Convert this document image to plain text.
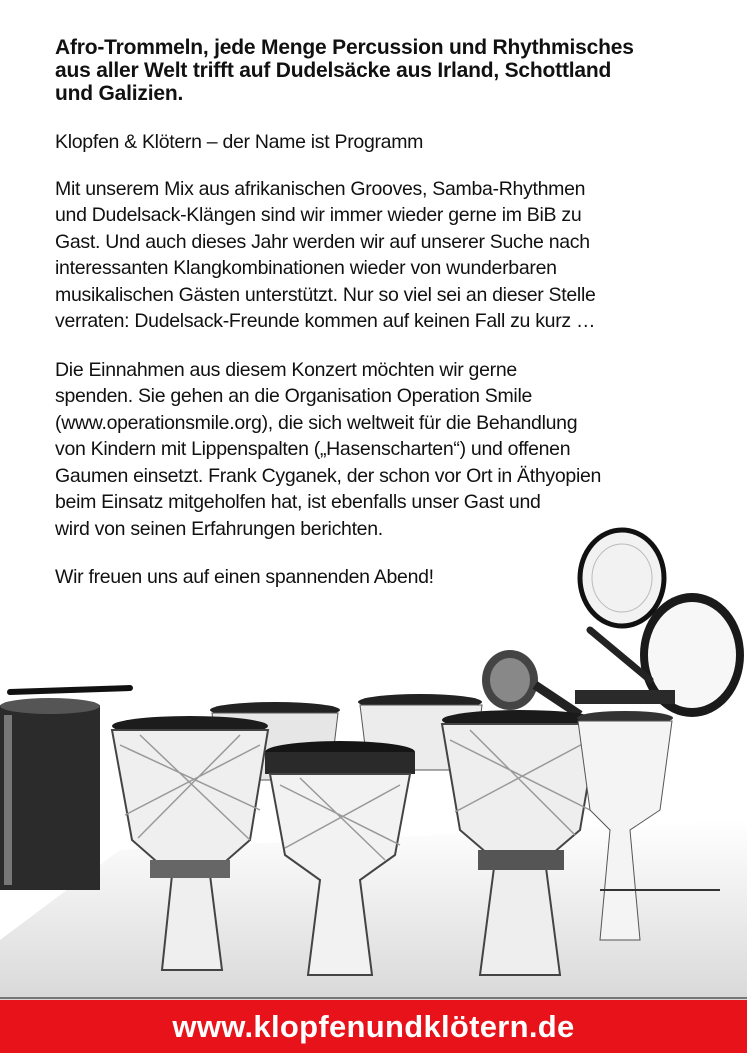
Afro-Trommeln, jede Menge Percussion und Rhythmisches
aus aller Welt trifft auf Dudelsäcke aus Irland, Schottland
und Galizien.

Klopfen & Klötern – der Name ist Programm

Mit unserem Mix aus afrikanischen Grooves, Samba-Rhythmen
und Dudelsack-Klängen sind wir immer wieder gerne im BiB zu
Gast. Und auch dieses Jahr werden wir auf unserer Suche nach
interessanten Klangkombinationen wieder von wunderbaren
musikalischen Gästen unterstützt. Nur so viel sei an dieser Stelle
verraten: Dudelsack-Freunde kommen auf keinen Fall zu kurz …
Die Einnahmen aus diesem Konzert möchten wir gerne
spenden. Sie gehen an die Organisation Operation Smile
(www.operationsmile.org), die sich weltweit für die Behandlung
von Kindern mit Lippenspalten („Hasenscharten“) und offenen
Gaumen einsetzt. Frank Cyganek, der schon vor Ort in Äthyopien
beim Einsatz mitgeholfen hat, ist ebenfalls unser Gast und
wird von seinen Erfahrungen berichten.

Wir freuen uns auf einen spannenden Abend!

www.klopfenundklötern.de
